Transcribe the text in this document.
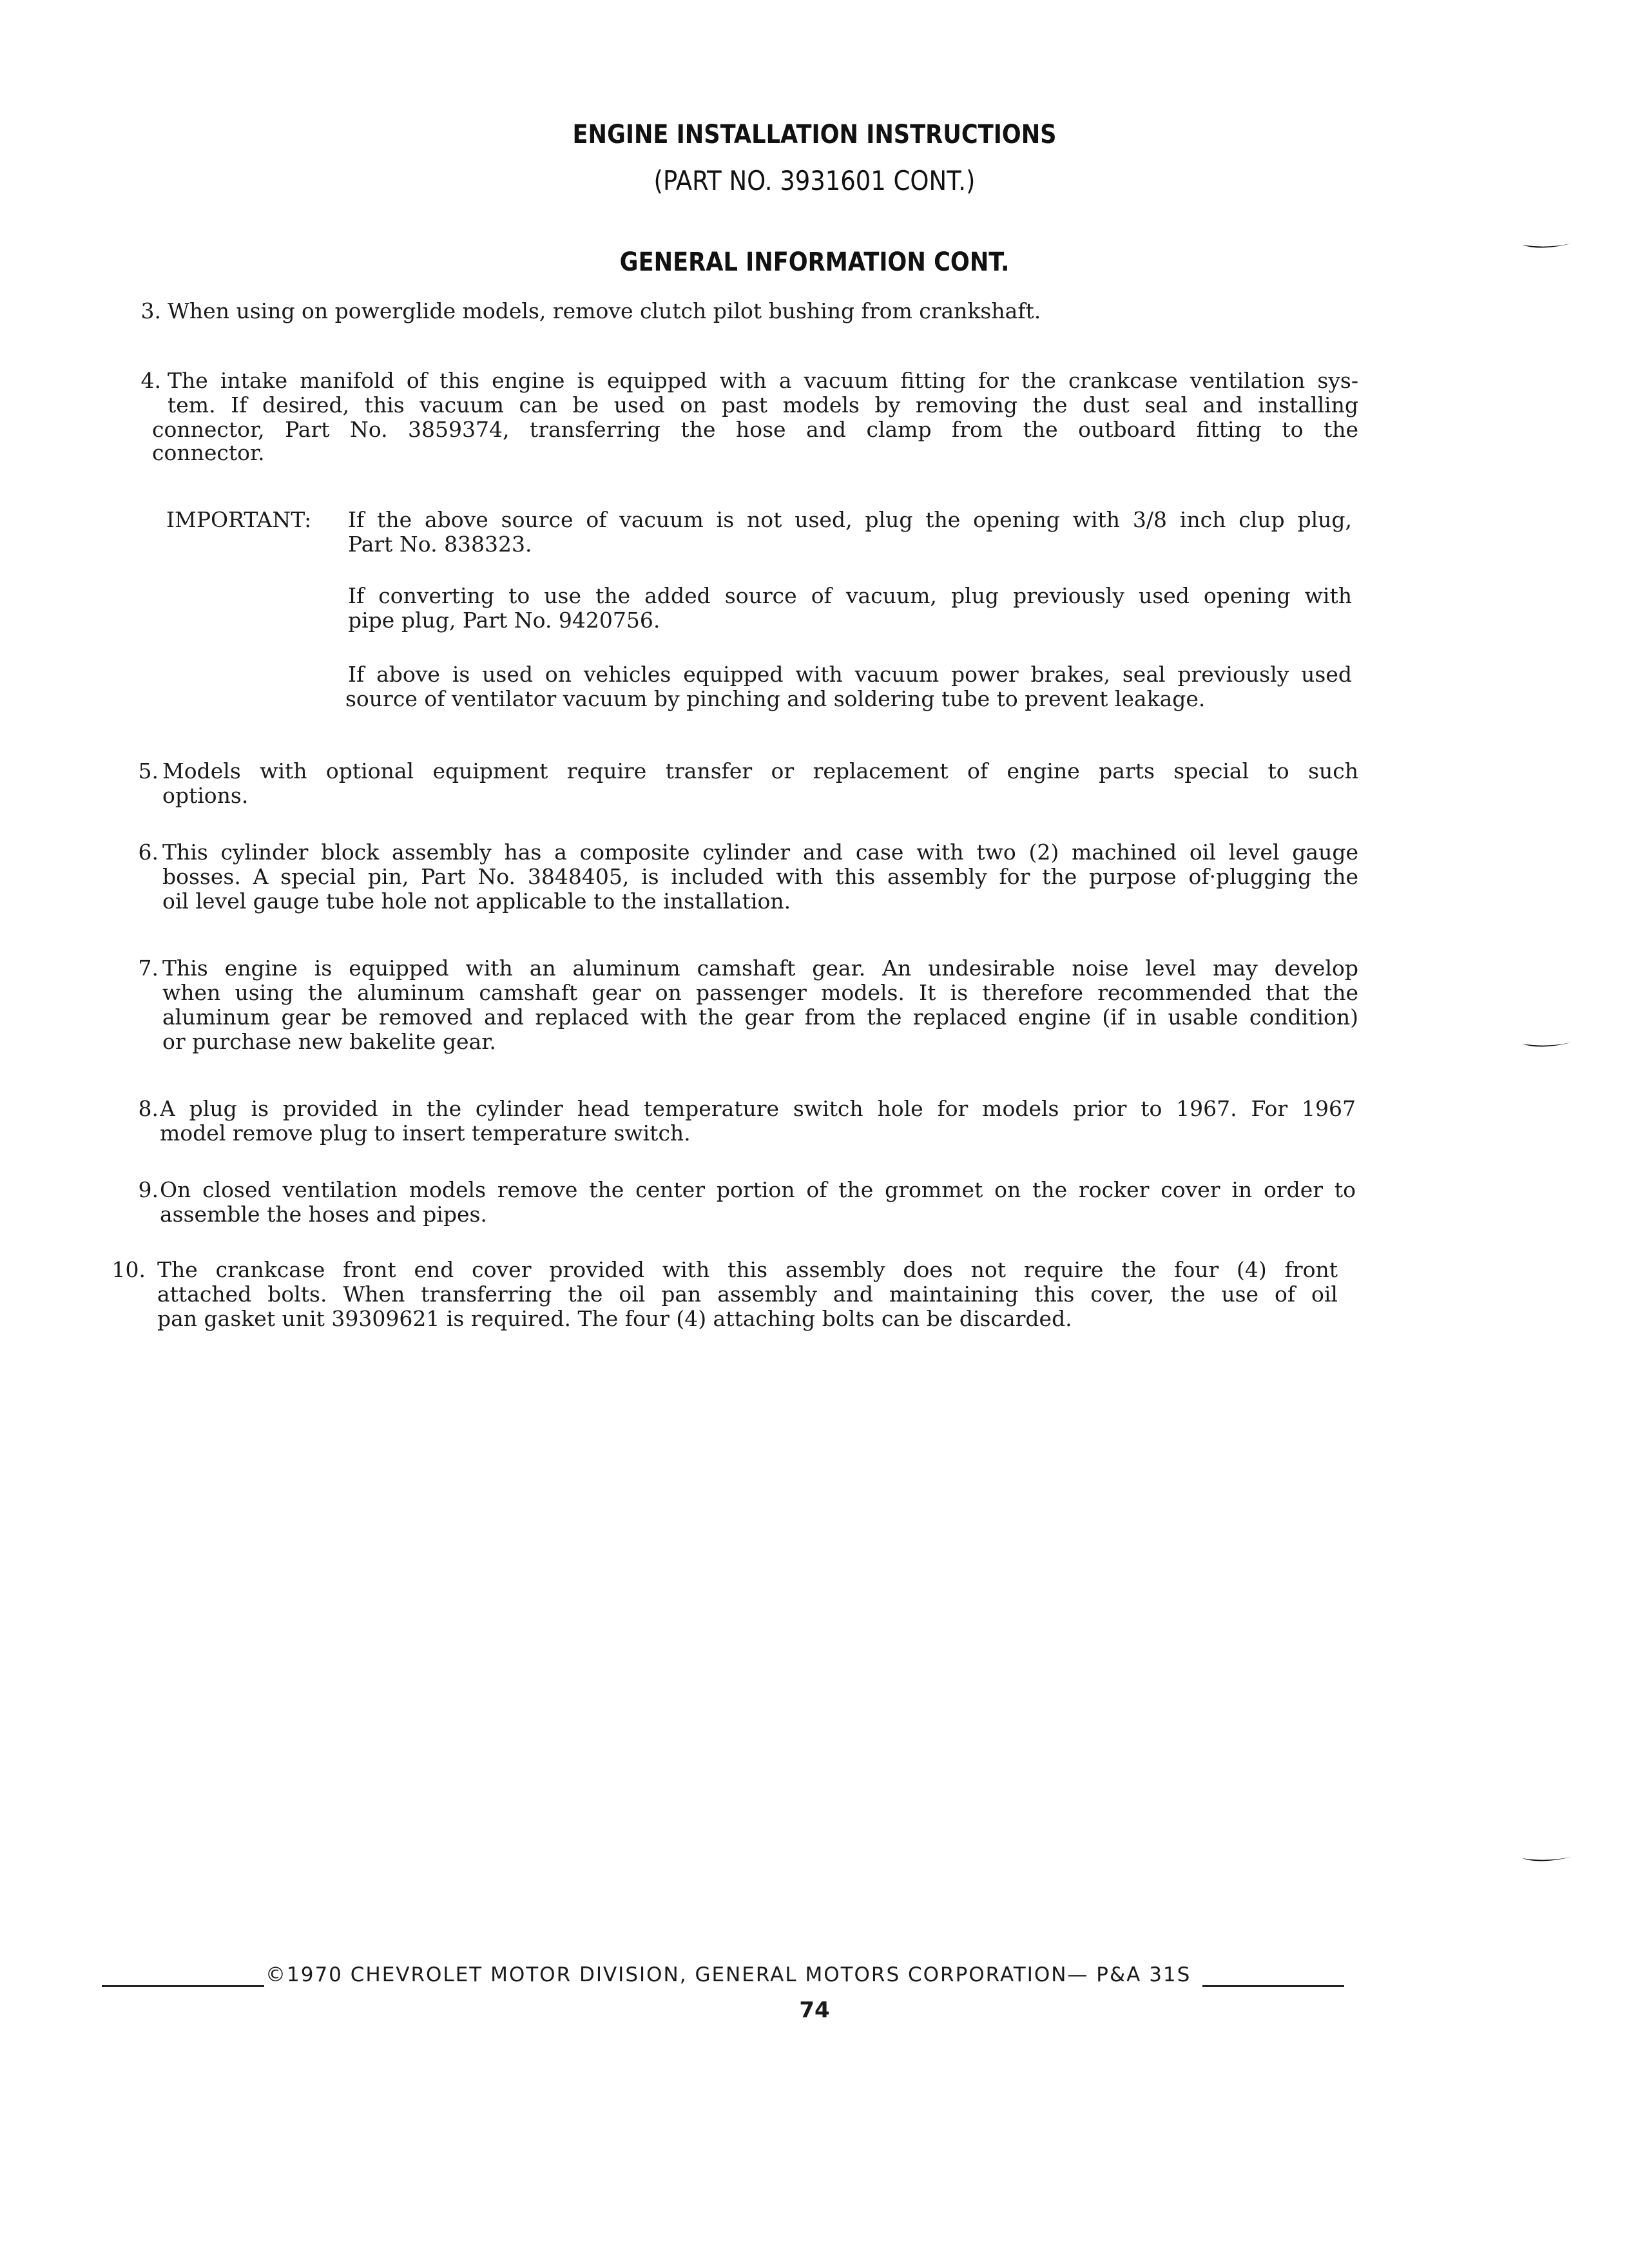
ENGINE INSTALLATION INSTRUCTIONS
(PART NO. 3931601 CONT.)
GENERAL INFORMATION CONT.
3. When using on powerglide models, remove clutch pilot bushing from crankshaft.
4. The intake manifold of this engine is equipped with a vacuum fitting for the crankcase ventilation sys-
tem. If desired, this vacuum can be used on past models by removing the dust seal and installing
connector, Part No. 3859374, transferring the hose and clamp from the outboard fitting to the
connector.
IMPORTANT: If the above source of vacuum is not used, plug the opening with 3/8 inch clup plug,
Part No. 838323.
If converting to use the added source of vacuum, plug previously used opening with
pipe plug, Part No. 9420756.
If above is used on vehicles equipped with vacuum power brakes, seal previously used
source of ventilator vacuum by pinching and soldering tube to prevent leakage.
5. Models with optional equipment require transfer or replacement of engine parts special to such
options.
6. This cylinder block assembly has a composite cylinder and case with two (2) machined oil level gauge
bosses. A special pin, Part No. 3848405, is included with this assembly for the purpose of·plugging the
oil level gauge tube hole not applicable to the installation.
7. This engine is equipped with an aluminum camshaft gear. An undesirable noise level may develop
when using the aluminum camshaft gear on passenger models. It is therefore recommended that the
aluminum gear be removed and replaced with the gear from the replaced engine (if in usable condition)
or purchase new bakelite gear.
8. A plug is provided in the cylinder head temperature switch hole for models prior to 1967. For 1967
model remove plug to insert temperature switch.
9. On closed ventilation models remove the center portion of the grommet on the rocker cover in order to
assemble the hoses and pipes.
10. The crankcase front end cover provided with this assembly does not require the four (4) front
attached bolts. When transferring the oil pan assembly and maintaining this cover, the use of oil
pan gasket unit 39309621 is required. The four (4) attaching bolts can be discarded.
©1970 CHEVROLET MOTOR DIVISION, GENERAL MOTORS CORPORATION— P&A 31S
74
